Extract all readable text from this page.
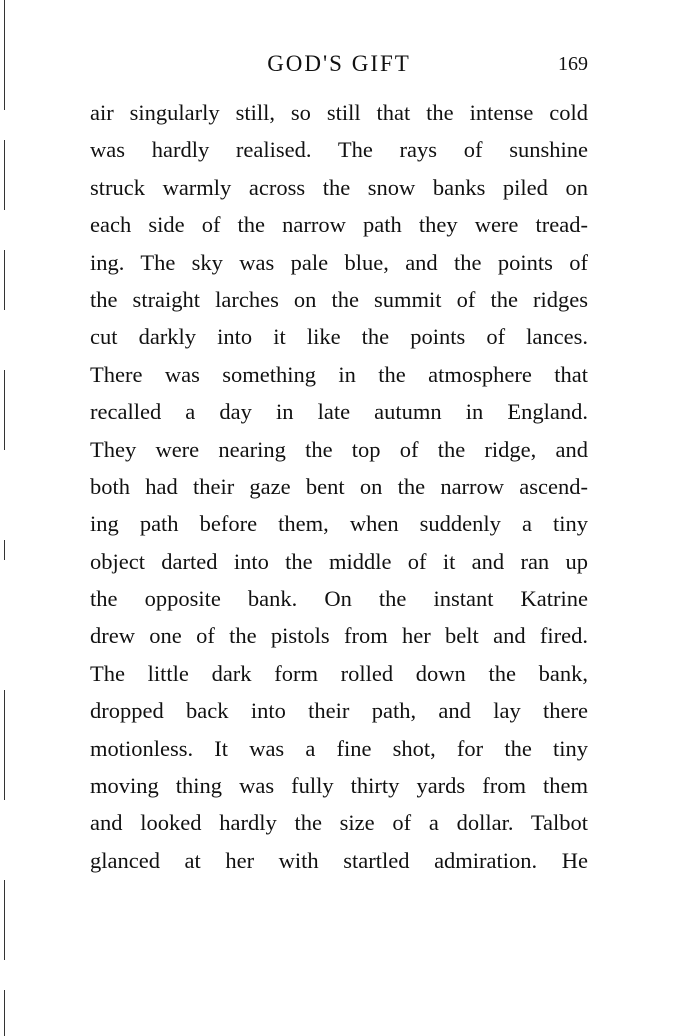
GOD'S GIFT	169
air singularly still, so still that the intense cold
was hardly realised. The rays of sunshine
struck warmly across the snow banks piled on
each side of the narrow path they were tread-
ing. The sky was pale blue, and the points of
the straight larches on the summit of the ridges
cut darkly into it like the points of lances.
There was something in the atmosphere that
recalled a day in late autumn in England.
They were nearing the top of the ridge, and
both had their gaze bent on the narrow ascend-
ing path before them, when suddenly a tiny
object darted into the middle of it and ran up
the opposite bank. On the instant Katrine
drew one of the pistols from her belt and fired.
The little dark form rolled down the bank,
dropped back into their path, and lay there
motionless. It was a fine shot, for the tiny
moving thing was fully thirty yards from them
and looked hardly the size of a dollar. Talbot
glanced at her with startled admiration. He
